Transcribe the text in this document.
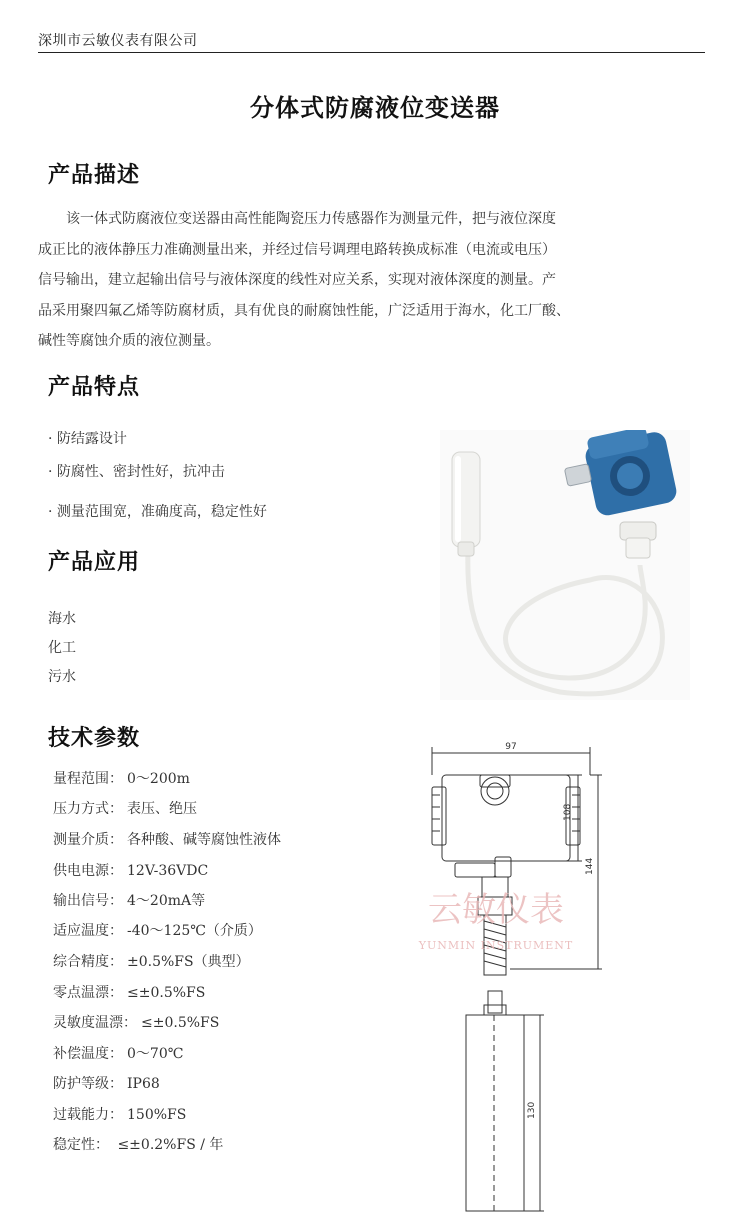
深圳市云敏仪表有限公司
分体式防腐液位变送器
产品描述
　　该一体式防腐液位变送器由高性能陶瓷压力传感器作为测量元件，把与液位深度
成正比的液体静压力准确测量出来，并经过信号调理电路转换成标准（电流或电压）
信号输出，建立起输出信号与液体深度的线性对应关系，实现对液体深度的测量。产
品采用聚四氟乙烯等防腐材质，具有优良的耐腐蚀性能，广泛适用于海水，化工厂酸、
碱性等腐蚀介质的液位测量。
产品特点
· 防结露设计
· 防腐性、密封性好，抗冲击
· 测量范围宽，准确度高，稳定性好
产品应用
海水
化工
污水
技术参数
量程范围： 0～200m
压力方式： 表压、绝压
测量介质： 各种酸、碱等腐蚀性液体
供电电源： 12V-36VDC
输出信号： 4～20mA等
适应温度： -40～125℃（介质）
综合精度： ±0.5%FS（典型）
零点温漂： ≤±0.5%FS
灵敏度温漂： ≤±0.5%FS
补偿温度： 0～70℃
防护等级： IP68
过载能力： 150%FS
稳定性： ≤±0.2%FS / 年
97
108
144
130
云敏仪表
YUNMIN INSTRUMENT
